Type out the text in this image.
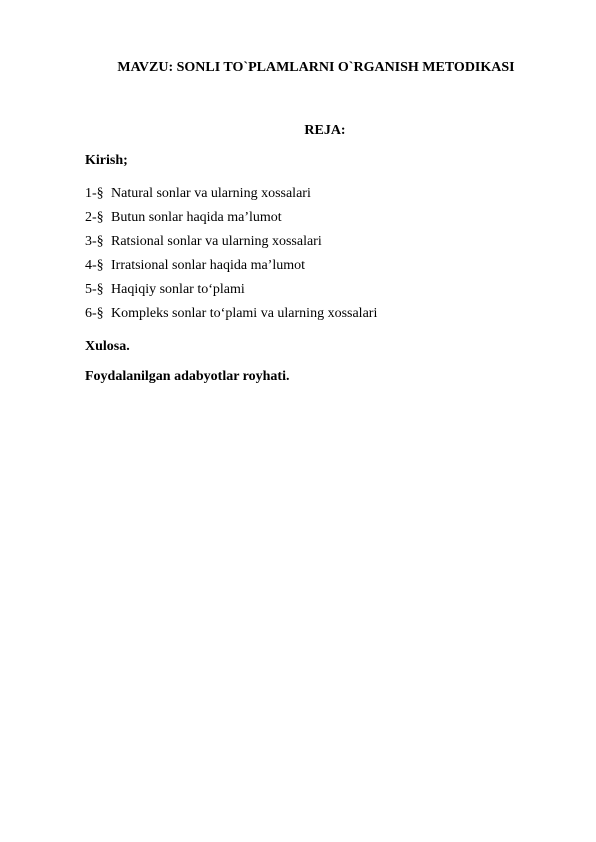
MAVZU: SONLI TO`PLAMLARNI O`RGANISH METODIKASI
REJA:
Kirish;
1-§ Natural sonlar va ularning xossalari
2-§ Butun sonlar haqida ma’lumot
3-§ Ratsional sonlar va ularning xossalari
4-§ Irratsional sonlar haqida ma’lumot
5-§ Haqiqiy sonlar to‘plami
6-§ Kompleks sonlar to‘plami va ularning xossalari
Xulosa.
Foydalanilgan adabyotlar royhati.
